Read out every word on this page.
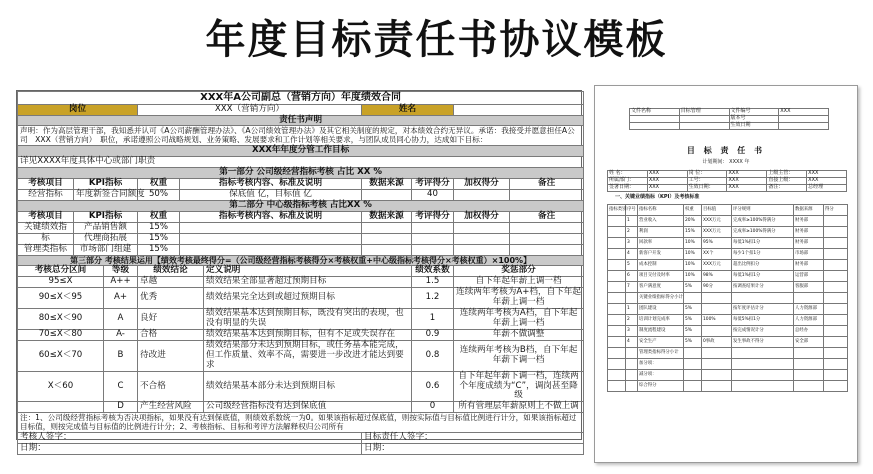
年度目标责任书协议模板
XXX年A公司副总（营销方向）年度绩效合同									
岗位			XXX（营销方向）			姓名			
责任书声明									
声明：作为高层管理干部，我知悉并认可《A公司薪酬管理办法》、《A公司绩效管理办法》及其它相关制度的规定，对本绩效合约无异议。承诺：我接受并愿意担任A公司　XXX（营销方向）　职位，承诺遵照公司战略规划、业务策略、发展要求和工作计划等相关要求，与团队成员同心协力，达成如下目标：									
XXX年年度分管工作目标									
详见XXXX年度具体中心或部门职责									
第一部分 公司级经营指标考核 占比 XX %									
考核项目	KPI指标		权重	指标考核内容、标准及说明		数据来源	考评得分	加权得分	备注
经营指标	年度新签合同额度		50%	保底值 亿，目标值 亿			40		
第二部分 中心级指标考核 占比XX %									
考核项目	KPI指标		权重	指标考核内容、标准及说明		数据来源	考评得分	加权得分	备注
关键绩效指	产品销售额		15%						
标	代理商拓展		15%						
管理类指标	市场部门组建		15%						
第三部分 考核结果运用【绩效考核最终得分=（公司级经营指标考核得分×考核权重+中心级指标考核得分×考核权重）×100%】									
考核总分区间		等级	绩效结论		定义说明		绩效系数	奖惩部分	
95≤X		A++	卓越		绩效结果全部显著超过预期目标		1.5	自下年起年薪上调一档	
90≤X＜95		A+	优秀		绩效结果完全达到或超过预期目标		1.2	连续两年考核为A+档，自下年起年薪上调一档	
80≤X＜90		A	良好		绩效结果基本达到预期目标，既没有突出的表现，也没有明显的失误		1	连续两年考核为A档，自下年起年薪上调一档	
70≤X＜80		A-	合格		绩效结果基本达到预期目标，但有不足或失误存在		0.9	年薪不做调整	
60≤X＜70		B	待改进		绩效结果部分未达到预期目标，或任务基本能完成，但工作质量、效率不高，需要进一步改进才能达到要求		0.8	连续两年考核为B档，自下年起年薪下调一档	
X＜60		C	不合格		绩效结果基本部分未达到预期目标		0.6	自下年起年薪下调一档，连续两个年度成绩为“C”，调岗甚至降级	
		D	产生经营风险		公司级经营指标没有达到保底值		0	所有管理层年薪原则上不做上调	
注：1、公司级经营指标考核为否决项指标，如果没有达到保底值，则绩效系数统一为0。如果该指标超过保底值，则按实际值与目标值比例进行计分，如果该指标超过目标值，则按完成值与目标值的比例进行计分；2、考核指标、目标和考评方法解释权归公司所有									
考核人签字：						目标责任人签字：			
日期：						日期：			
文件名称	目标管理	文件编号	XXX
		版本号	
		生效日期	
目 标 责 任 书
计划期间： XXXX 年
姓 名：	XXX	岗 位：	XXX	上级主管：	XXX
所属部门：	XXX	工号：	XXX	直接上级：	XXX
签署日期：	XXX	生效日期：	XXX	备注：	总经理
一、关键业绩指标（KPI）及考核标准
指标类别	序号	指标名称	权重	目标值	评分规则	数据来源	得分
	1	营业收入	20%	XXX万元	完成率≥100%得满分	财务部	
	2	利润	15%	XXX万元	完成率≥100%得满分	财务部	
	3	回款率	10%	95%	每低1%扣1分	财务部	
	4	新客户开发	10%	XX个	每少1个扣1分	市场部	
	5	成本控制	10%	XXX万元	超出比例扣分	财务部	
	6	项目交付及时率	10%	98%	每低1%扣1分	运营部	
	7	客户满意度	5%	90分	按调查结果计分	客服部	
		关键业绩指标得分小计					
	1	团队建设	5%		按年度评估计分	人力资源部	
	2	培训计划完成率	5%	100%	每低5%扣1分	人力资源部	
	3	制度流程建设	5%		按完成情况计分	总经办	
	4	安全生产	5%	0事故	发生事故不得分	安全部	
		管理类指标得分小计					
		加分项：					
		减分项：					
		综合得分					
